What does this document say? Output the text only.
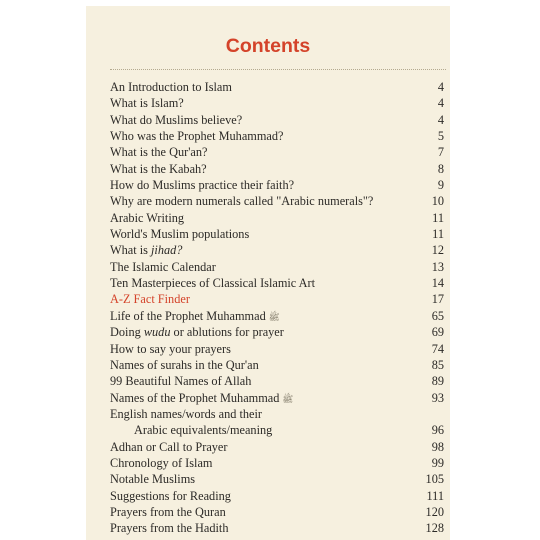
Contents
An Introduction to Islam	4
What is Islam?	4
What do Muslims believe?	4
Who was the Prophet Muhammad?	5
What is the Qur'an?	7
What is the Kabah?	8
How do Muslims practice their faith?	9
Why are modern numerals called "Arabic numerals"?	10
Arabic Writing	11
World's Muslim populations	11
What is jihad?	12
The Islamic Calendar	13
Ten Masterpieces of Classical Islamic Art	14
A-Z Fact Finder	17
Life of the Prophet Muhammad ﷺ	65
Doing wudu or ablutions for prayer	69
How to say your prayers	74
Names of surahs in the Qur'an	85
99 Beautiful Names of Allah	89
Names of the Prophet Muhammad ﷺ	93
English names/words and their
Arabic equivalents/meaning	96
Adhan or Call to Prayer	98
Chronology of Islam	99
Notable Muslims	105
Suggestions for Reading	111
Prayers from the Quran	120
Prayers from the Hadith	128
